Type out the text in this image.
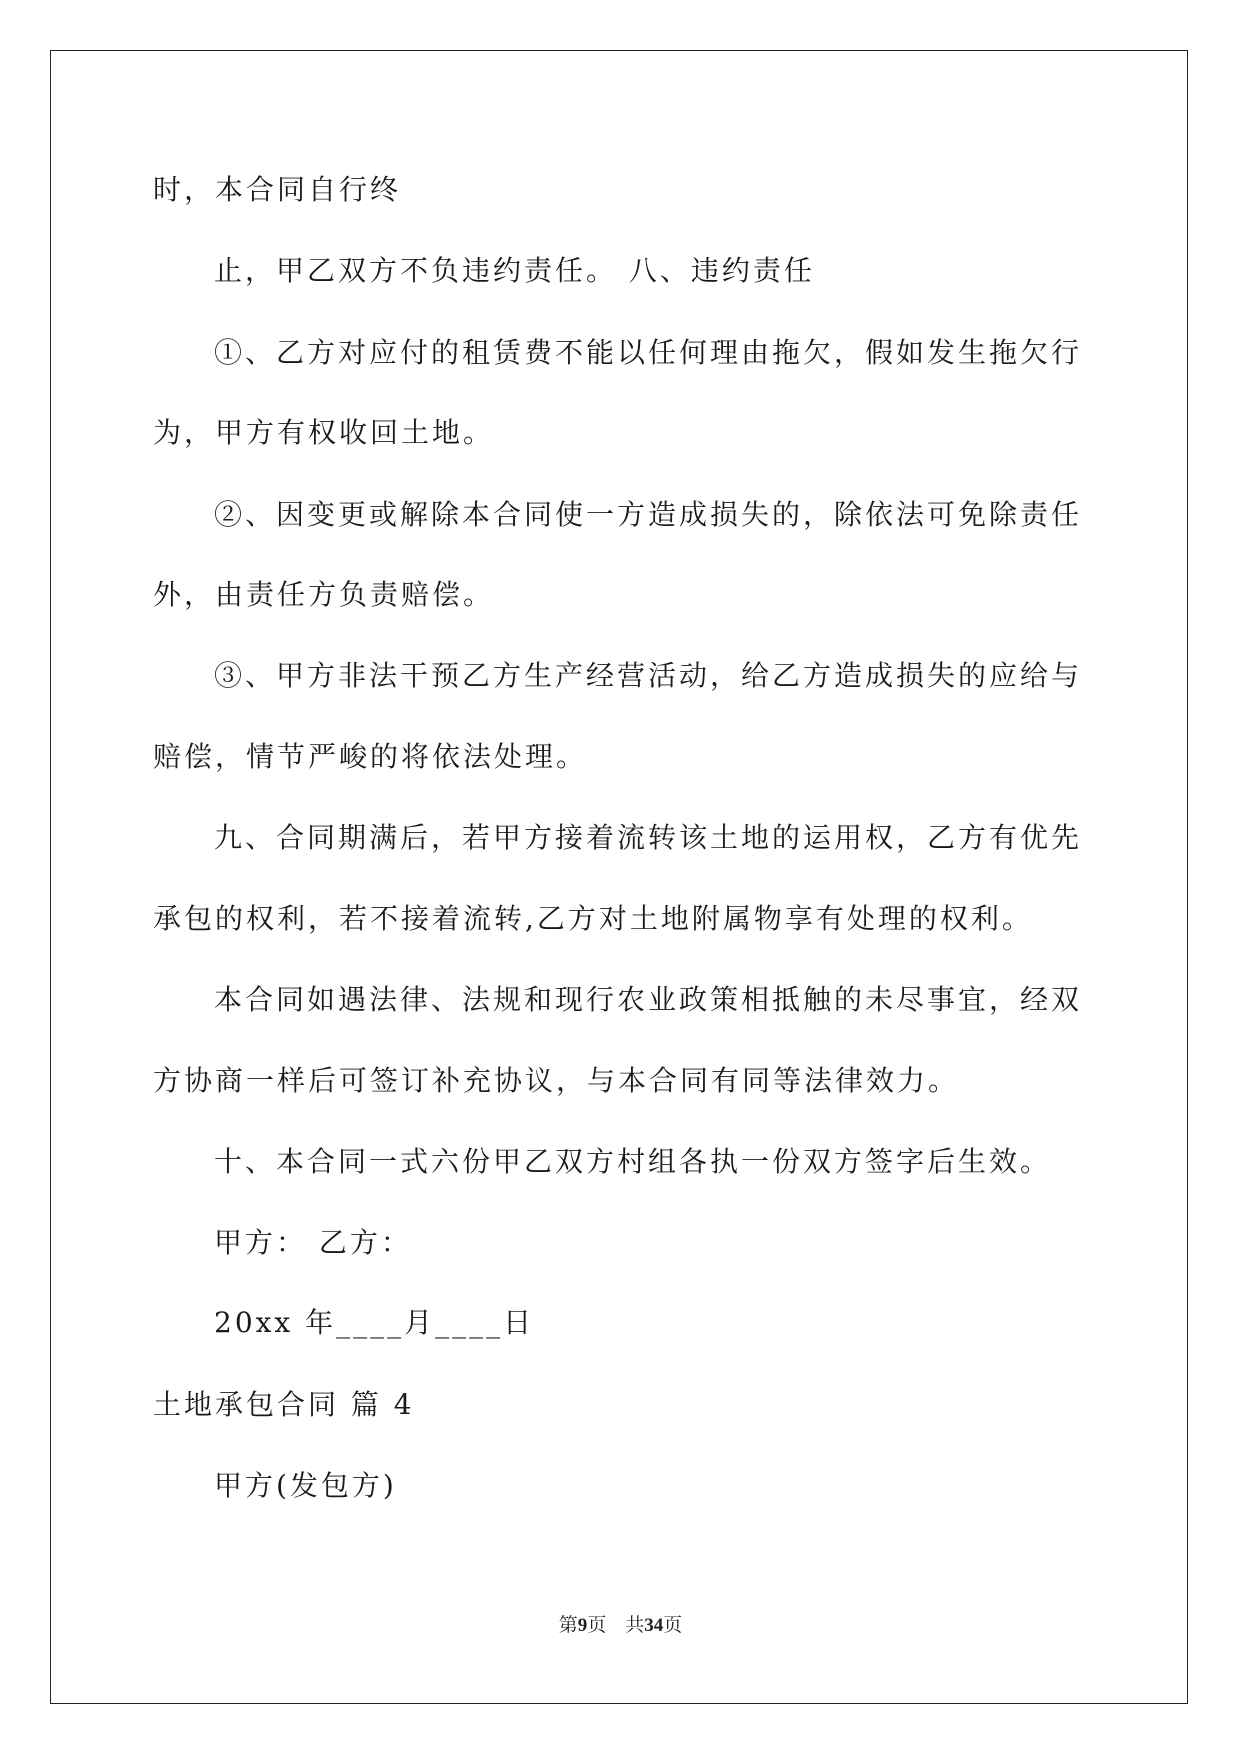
时，本合同自行终
止，甲乙双方不负违约责任。 八、违约责任
①、乙方对应付的租赁费不能以任何理由拖欠，假如发生拖欠行
为，甲方有权收回土地。
②、因变更或解除本合同使一方造成损失的，除依法可免除责任
外，由责任方负责赔偿。
③、甲方非法干预乙方生产经营活动，给乙方造成损失的应给与
赔偿，情节严峻的将依法处理。
九、合同期满后，若甲方接着流转该土地的运用权，乙方有优先
承包的权利，若不接着流转,乙方对土地附属物享有处理的权利。
本合同如遇法律、法规和现行农业政策相抵触的未尽事宜，经双
方协商一样后可签订补充协议，与本合同有同等法律效力。
十、本合同一式六份甲乙双方村组各执一份双方签字后生效。
甲方： 乙方：
20xx 年____月____日
土地承包合同 篇 4
甲方(发包方)
第9页 共34页
